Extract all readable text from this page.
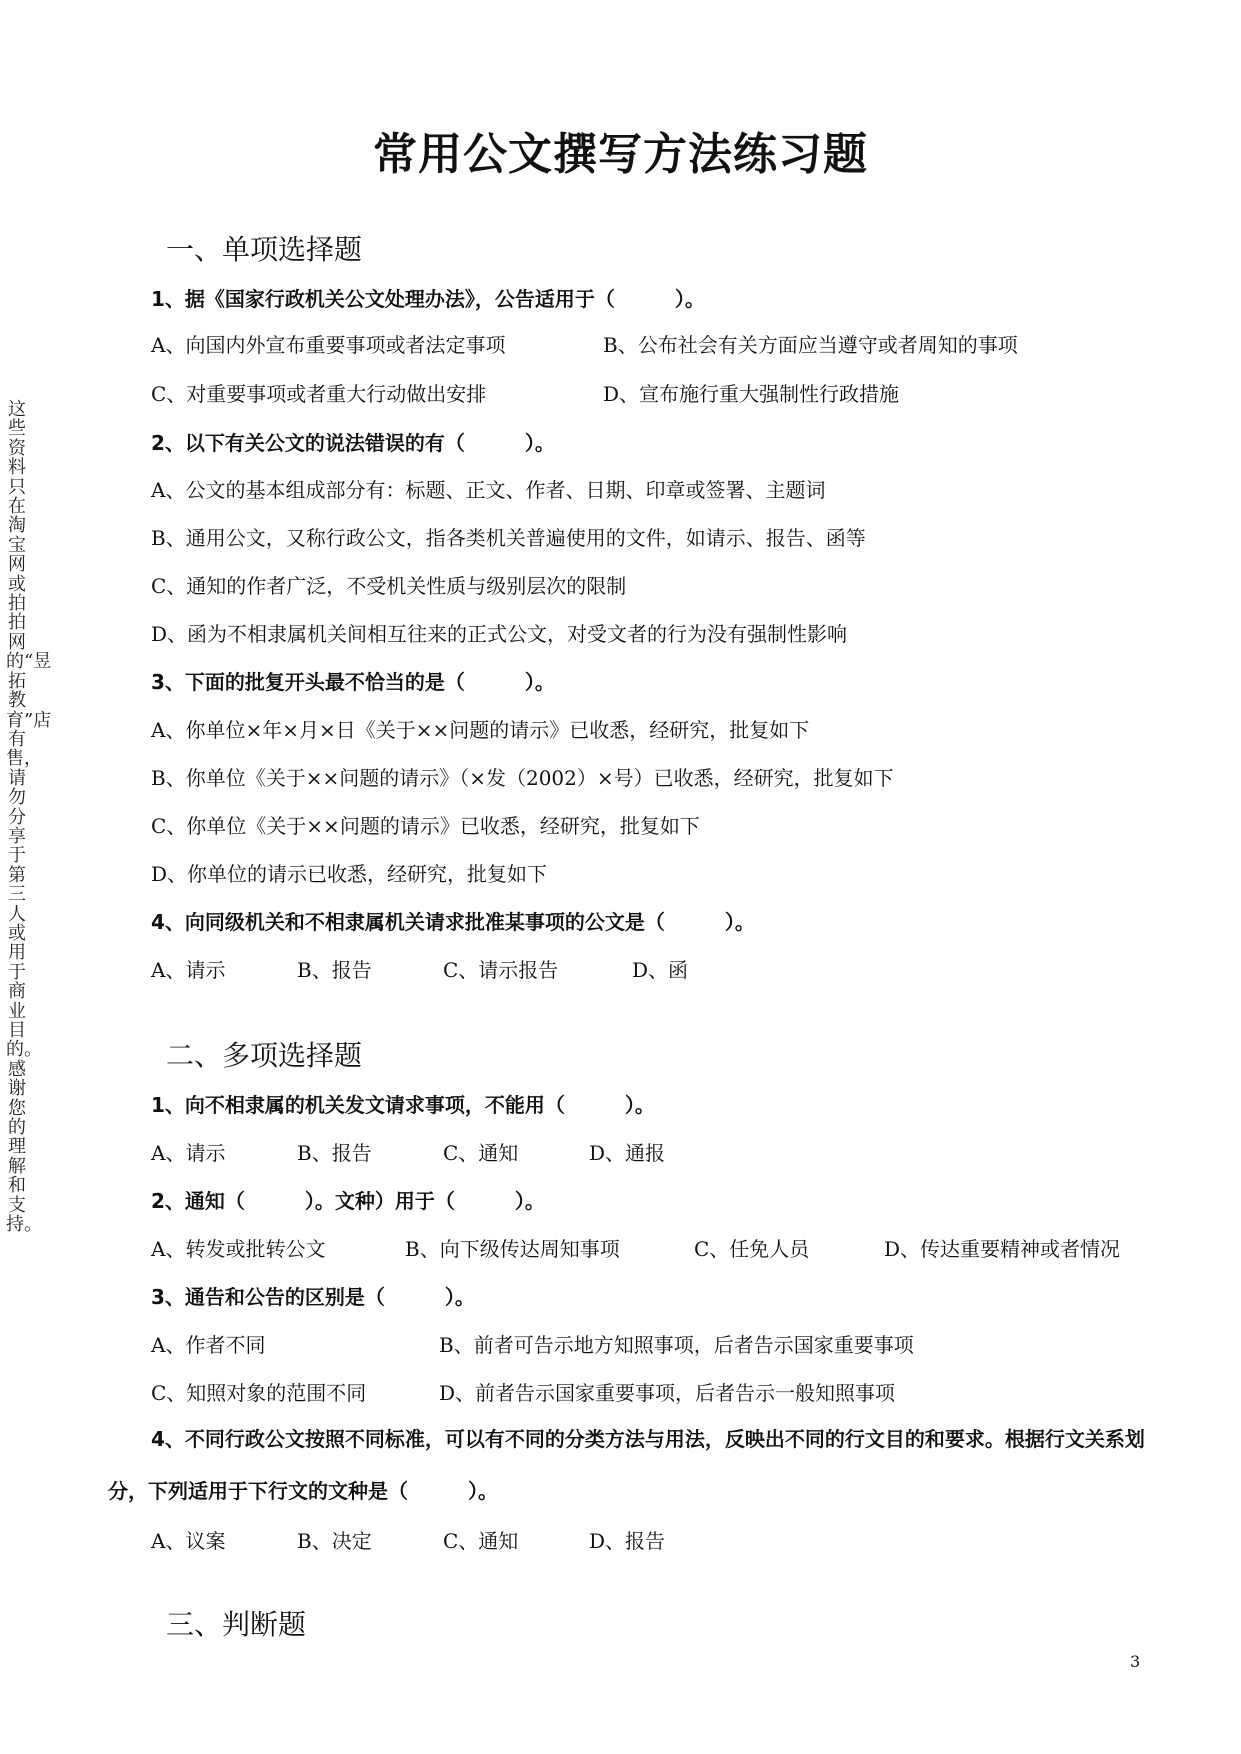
这些资料只在淘宝网或拍拍网的“昱拓教育”店有售，请勿分享于第三人或用于商业目的。感谢您的理解和支持。
常用公文撰写方法练习题
一、单项选择题
1、据《国家行政机关公文处理办法》，公告适用于（　　　）。
A、向国内外宣布重要事项或者法定事项	B、公布社会有关方面应当遵守或者周知的事项
C、对重要事项或者重大行动做出安排	D、宣布施行重大强制性行政措施
2、以下有关公文的说法错误的有（　　　）。
A、公文的基本组成部分有：标题、正文、作者、日期、印章或签署、主题词
B、通用公文，又称行政公文，指各类机关普遍使用的文件，如请示、报告、函等
C、通知的作者广泛，不受机关性质与级别层次的限制
D、函为不相隶属机关间相互往来的正式公文，对受文者的行为没有强制性影响
3、下面的批复开头最不恰当的是（　　　）。
A、你单位×年×月×日《关于××问题的请示》已收悉，经研究，批复如下
B、你单位《关于××问题的请示》（×发（2002）×号）已收悉，经研究，批复如下
C、你单位《关于××问题的请示》已收悉，经研究，批复如下
D、你单位的请示已收悉，经研究，批复如下
4、向同级机关和不相隶属机关请求批准某事项的公文是（　　　）。
A、请示	B、报告	C、请示报告	D、函
二、多项选择题
1、向不相隶属的机关发文请求事项，不能用（　　　）。
A、请示	B、报告	C、通知	D、通报
2、通知（　　　）。文种）用于（　　　）。
A、转发或批转公文	B、向下级传达周知事项	C、任免人员	D、传达重要精神或者情况
3、通告和公告的区别是（　　　）。
A、作者不同	B、前者可告示地方知照事项，后者告示国家重要事项
C、知照对象的范围不同	D、前者告示国家重要事项，后者告示一般知照事项
4、不同行政公文按照不同标准，可以有不同的分类方法与用法，反映出不同的行文目的和要求。根据行文关系划分，下列适用于下行文的文种是（　　　）。
A、议案	B、决定	C、通知	D、报告
三、判断题
3
